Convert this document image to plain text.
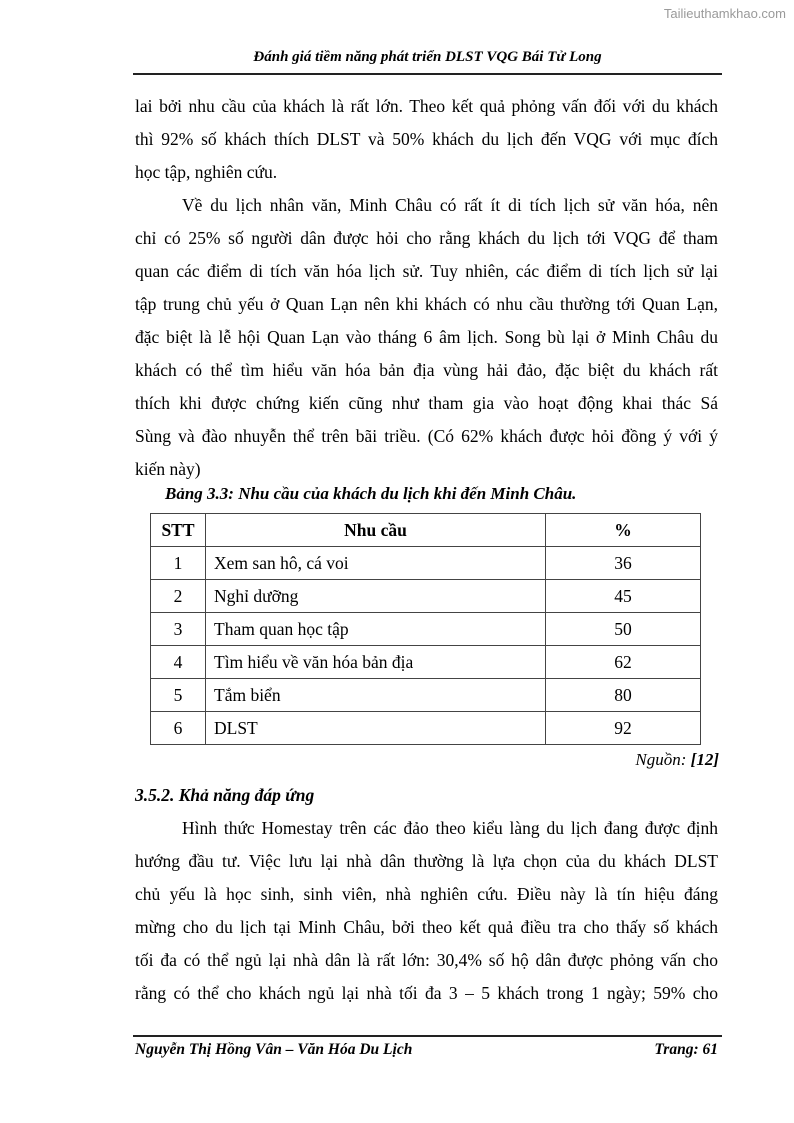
Tailieuthamkhao.com
Đánh giá tiềm năng phát triển DLST VQG Bái Tử Long
lai bởi nhu cầu của khách là rất lớn. Theo kết quả phỏng vấn đối với du khách
thì 92% số khách thích DLST và 50% khách du lịch đến VQG với mục đích
học tập, nghiên cứu.
Về du lịch nhân văn, Minh Châu có rất ít di tích lịch sử văn hóa, nên
chỉ có 25% số người dân được hỏi cho rằng khách du lịch tới VQG để tham
quan các điểm di tích văn hóa lịch sử. Tuy nhiên, các điểm di tích lịch sử lại
tập trung chủ yếu ở Quan Lạn nên khi khách có nhu cầu thường tới Quan Lạn,
đặc biệt là lễ hội Quan Lạn vào tháng 6 âm lịch. Song bù lại ở Minh Châu du
khách có thể tìm hiểu văn hóa bản địa vùng hải đảo, đặc biệt du khách rất
thích khi được chứng kiến cũng như tham gia vào hoạt động khai thác Sá
Sùng và đào nhuyễn thể trên bãi triều. (Có 62% khách được hỏi đồng ý với ý
kiến này)
Bảng 3.3: Nhu cầu của khách du lịch khi đến Minh Châu.
STT	Nhu cầu	%
1	Xem san hô, cá voi	36
2	Nghỉ dưỡng	45
3	Tham quan học tập	50
4	Tìm hiểu về văn hóa bản địa	62
5	Tắm biển	80
6	DLST	92
Nguồn: [12]
3.5.2. Khả năng đáp ứng
Hình thức Homestay trên các đảo theo kiểu làng du lịch đang được định
hướng đầu tư. Việc lưu lại nhà dân thường là lựa chọn của du khách DLST
chủ yếu là học sinh, sinh viên, nhà nghiên cứu. Điều này là tín hiệu đáng
mừng cho du lịch tại Minh Châu, bởi theo kết quả điều tra cho thấy số khách
tối đa có thể ngủ lại nhà dân là rất lớn: 30,4% số hộ dân được phỏng vấn cho
rằng có thể cho khách ngủ lại nhà tối đa 3 – 5 khách trong 1 ngày; 59% cho
Nguyễn Thị Hồng Vân – Văn Hóa Du Lịch	Trang: 61
